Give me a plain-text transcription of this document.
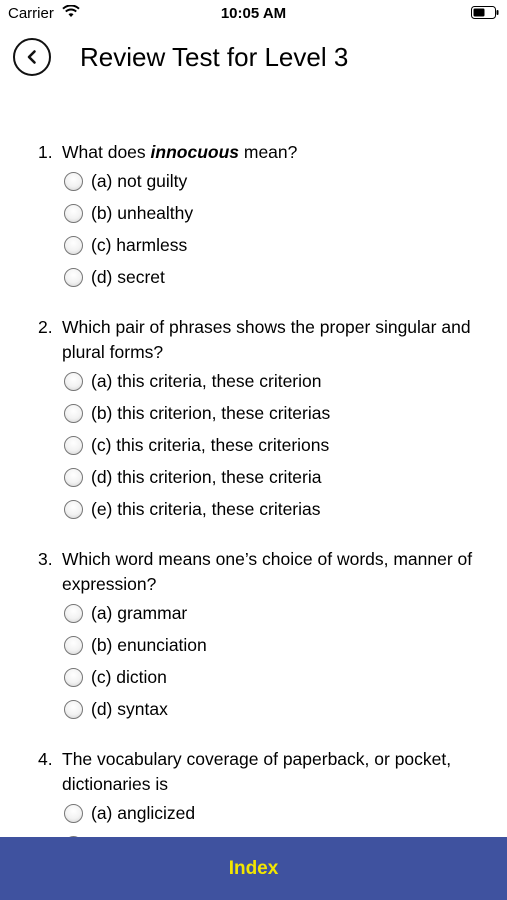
Carrier	10:05 AM
Review Test for Level 3
1. What does innocuous mean?
(a) not guilty
(b) unhealthy
(c) harmless
(d) secret
2. Which pair of phrases shows the proper singular and plural forms?
(a) this criteria, these criterion
(b) this criterion, these criterias
(c) this criteria, these criterions
(d) this criterion, these criteria
(e) this criteria, these criterias
3. Which word means one’s choice of words, manner of expression?
(a) grammar
(b) enunciation
(c) diction
(d) syntax
4. The vocabulary coverage of paperback, or pocket, dictionaries is
(a) anglicized
Index
